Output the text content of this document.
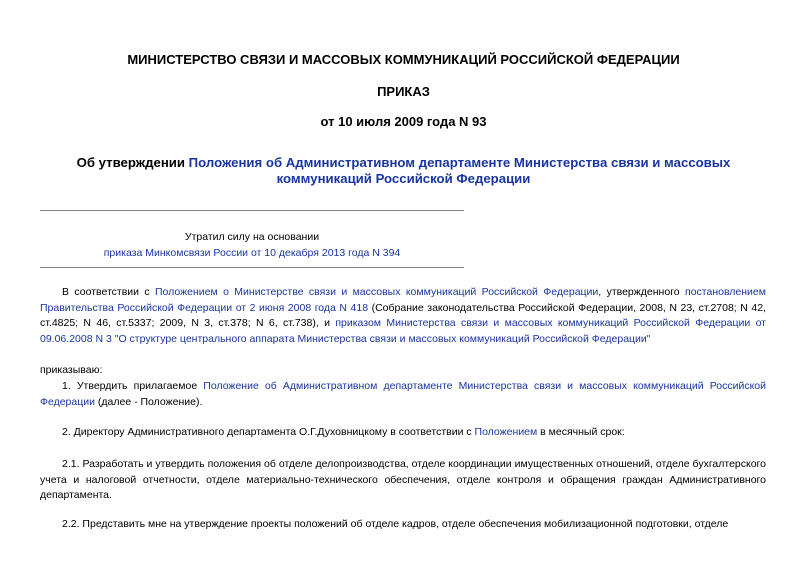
МИНИСТЕРСТВО СВЯЗИ И МАССОВЫХ КОММУНИКАЦИЙ РОССИЙСКОЙ ФЕДЕРАЦИИ
ПРИКАЗ
от 10 июля 2009 года N 93
Об утверждении Положения об Административном департаменте Министерства связи и массовых коммуникаций Российской Федерации
Утратил силу на основании
приказа Минкомсвязи России от 10 декабря 2013 года N 394
В соответствии с Положением о Министерстве связи и массовых коммуникаций Российской Федерации, утвержденного постановлением Правительства Российской Федерации от 2 июня 2008 года N 418 (Собрание законодательства Российской Федерации, 2008, N 23, ст.2708; N 42, ст.4825; N 46, ст.5337; 2009, N 3, ст.378; N 6, ст.738), и приказом Министерства связи и массовых коммуникаций Российской Федерации от 09.06.2008 N 3 "О структуре центрального аппарата Министерства связи и массовых коммуникаций Российской Федерации"
приказываю:
1. Утвердить прилагаемое Положение об Административном департаменте Министерства связи и массовых коммуникаций Российской Федерации (далее - Положение).
2. Директору Административного департамента О.Г.Духовницкому в соответствии с Положением в месячный срок:
2.1. Разработать и утвердить положения об отделе делопроизводства, отделе координации имущественных отношений, отделе бухгалтерского учета и налоговой отчетности, отделе материально-технического обеспечения, отделе контроля и обращения граждан Административного департамента.
2.2. Представить мне на утверждение проекты положений об отделе кадров, отделе обеспечения мобилизационной подготовки, отделе
